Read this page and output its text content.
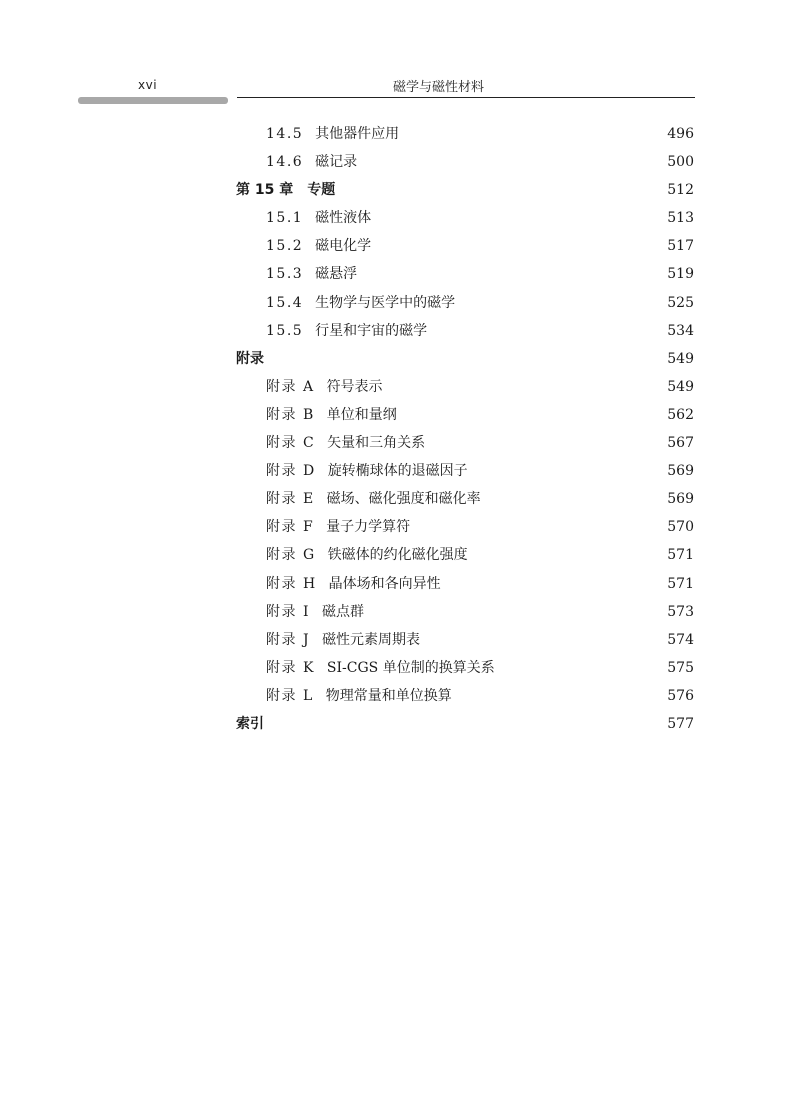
xvi	磁学与磁性材料
14.5 其他器件应用	496
14.6 磁记录	500
第 15 章　专题	512
15.1 磁性液体	513
15.2 磁电化学	517
15.3 磁悬浮	519
15.4 生物学与医学中的磁学	525
15.5 行星和宇宙的磁学	534
附录	549
附录 A 符号表示	549
附录 B 单位和量纲	562
附录 C 矢量和三角关系	567
附录 D 旋转椭球体的退磁因子	569
附录 E 磁场、磁化强度和磁化率	569
附录 F 量子力学算符	570
附录 G 铁磁体的约化磁化强度	571
附录 H 晶体场和各向异性	571
附录 I 磁点群	573
附录 J 磁性元素周期表	574
附录 K SI-CGS 单位制的换算关系	575
附录 L 物理常量和单位换算	576
索引	577
